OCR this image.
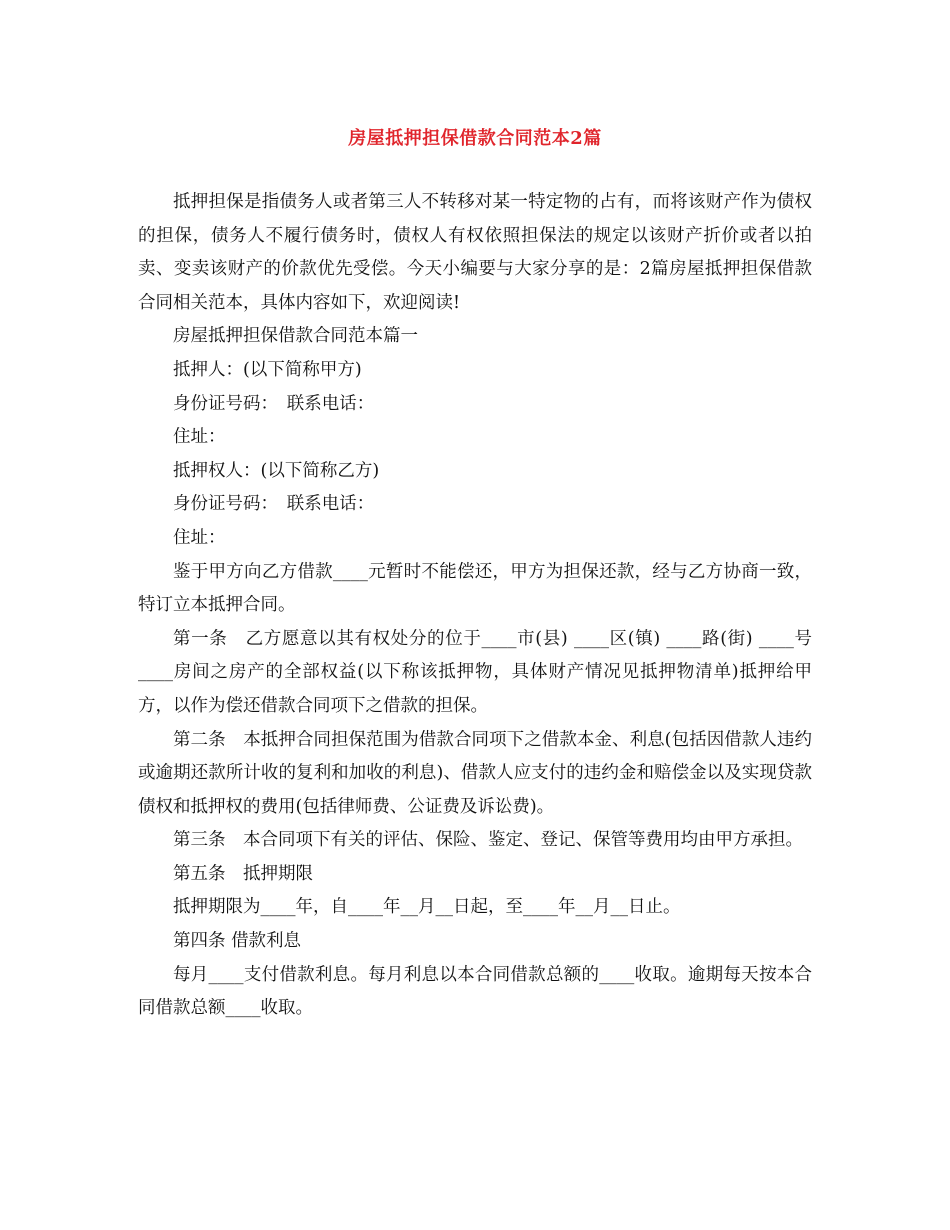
房屋抵押担保借款合同范本2篇

抵押担保是指债务人或者第三人不转移对某一特定物的占有，而将该财产作为债权的担保，债务人不履行债务时，债权人有权依照担保法的规定以该财产折价或者以拍卖、变卖该财产的价款优先受偿。今天小编要与大家分享的是：2篇房屋抵押担保借款合同相关范本，具体内容如下，欢迎阅读!

房屋抵押担保借款合同范本篇一

抵押人：(以下简称甲方)

身份证号码：　联系电话：

住址：

抵押权人：(以下简称乙方)

身份证号码：　联系电话：

住址：

鉴于甲方向乙方借款____元暂时不能偿还，甲方为担保还款，经与乙方协商一致，特订立本抵押合同。

第一条　乙方愿意以其有权处分的位于____市(县) ____区(镇) ____路(街) ____号____房间之房产的全部权益(以下称该抵押物，具体财产情况见抵押物清单)抵押给甲方，以作为偿还借款合同项下之借款的担保。

第二条　本抵押合同担保范围为借款合同项下之借款本金、利息(包括因借款人违约或逾期还款所计收的复利和加收的利息)、借款人应支付的违约金和赔偿金以及实现贷款债权和抵押权的费用(包括律师费、公证费及诉讼费)。

第三条　本合同项下有关的评估、保险、鉴定、登记、保管等费用均由甲方承担。

第五条　抵押期限

抵押期限为____年，自____年__月__日起，至____年__月__日止。

第四条 借款利息

每月____支付借款利息。每月利息以本合同借款总额的____收取。逾期每天按本合同借款总额____收取。
